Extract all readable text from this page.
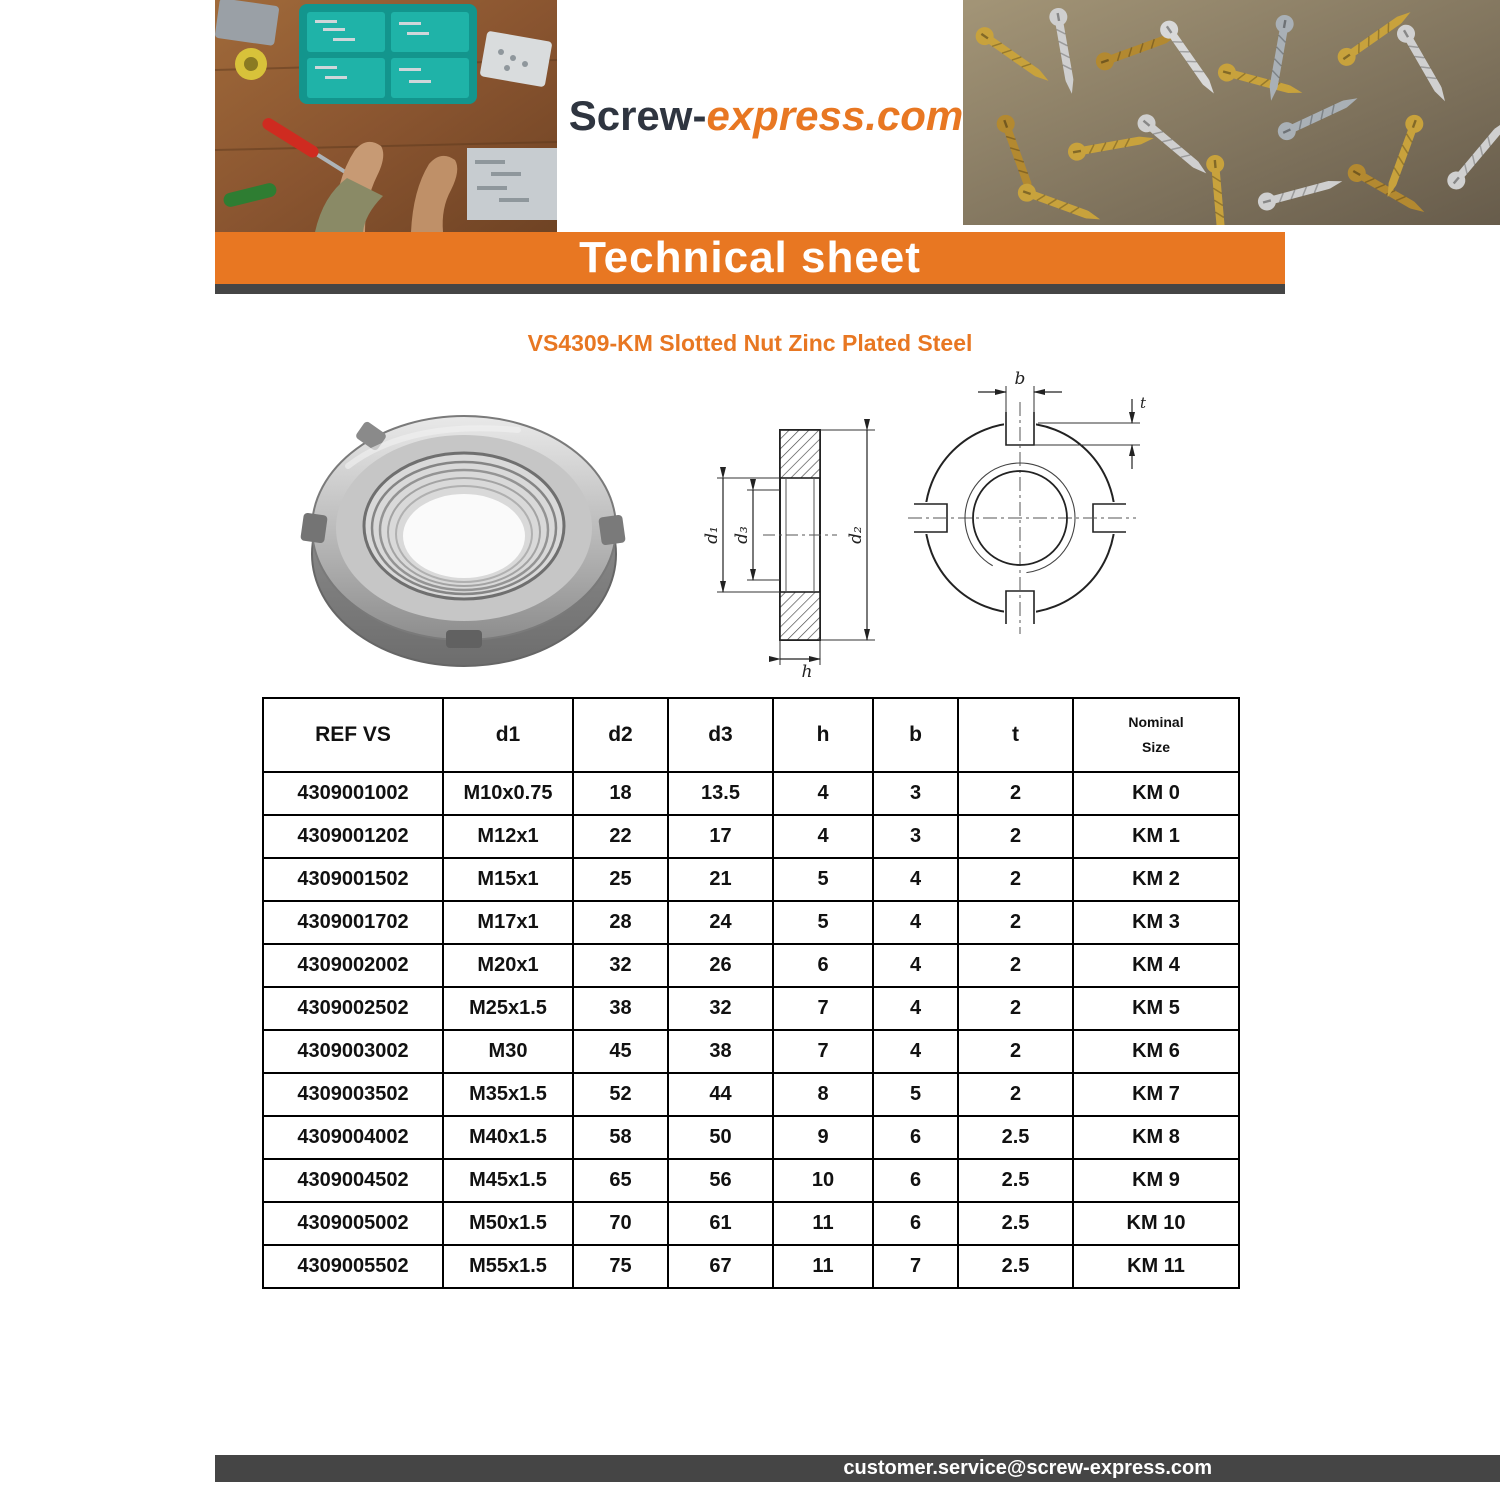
Screw-express.com
Technical sheet
VS4309-KM Slotted Nut Zinc Plated Steel
d₁ d₃	d₂
h
b
t
REF VS	d1	d2	d3	h	b	t	Nominal
Size

4309001002	M10x0.75	18	13.5	4	3	2	KM 0
4309001202	M12x1	22	17	4	3	2	KM 1
4309001502	M15x1	25	21	5	4	2	KM 2
4309001702	M17x1	28	24	5	4	2	KM 3
4309002002	M20x1	32	26	6	4	2	KM 4
4309002502	M25x1.5	38	32	7	4	2	KM 5
4309003002	M30	45	38	7	4	2	KM 6
4309003502	M35x1.5	52	44	8	5	2	KM 7
4309004002	M40x1.5	58	50	9	6	2.5	KM 8
4309004502	M45x1.5	65	56	10	6	2.5	KM 9
4309005002	M50x1.5	70	61	11	6	2.5	KM 10
4309005502	M55x1.5	75	67	11	7	2.5	KM 11
customer.service@screw-express.com
